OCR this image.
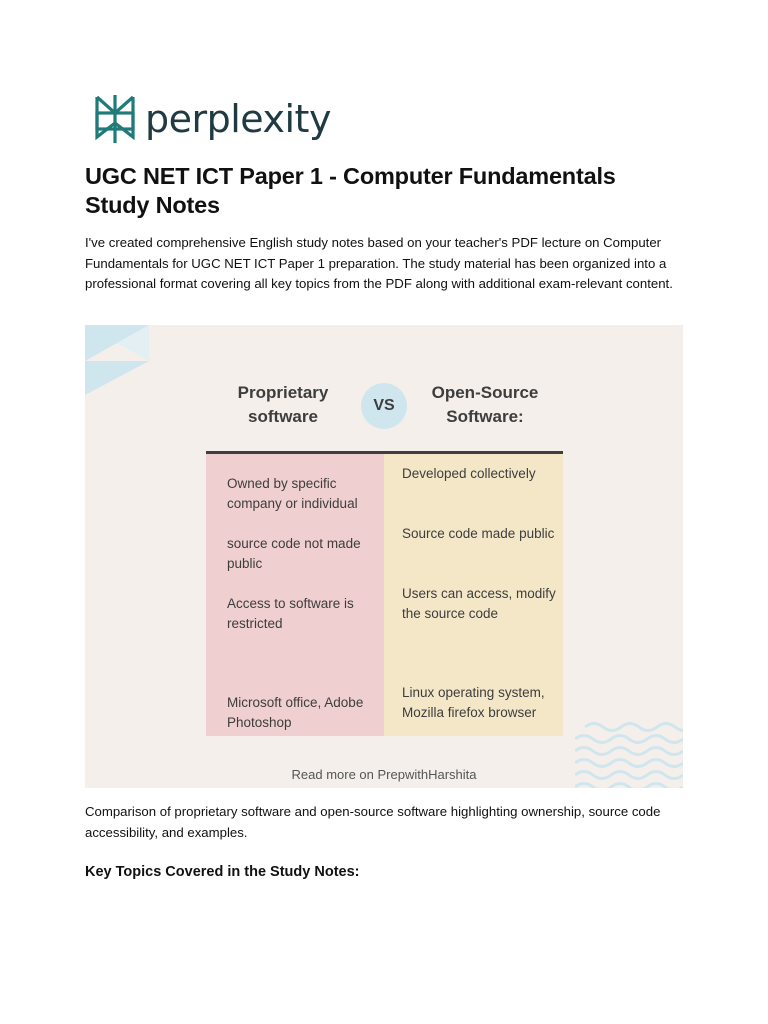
perplexity
UGC NET ICT Paper 1 - Computer Fundamentals Study Notes

I've created comprehensive English study notes based on your teacher's PDF lecture on Computer Fundamentals for UGC NET ICT Paper 1 preparation. The study material has been organized into a professional format covering all key topics from the PDF along with additional exam-relevant content.

Proprietary software
VS
Open-Source Software:
Owned by specific company or individual
source code not made public
Access to software is restricted
Microsoft office, Adobe Photoshop
Developed collectively
Source code made public
Users can access, modify the source code
Linux operating system, Mozilla firefox browser
Read more on PrepwithHarshita

Comparison of proprietary software and open-source software highlighting ownership, source code accessibility, and examples.

Key Topics Covered in the Study Notes:
